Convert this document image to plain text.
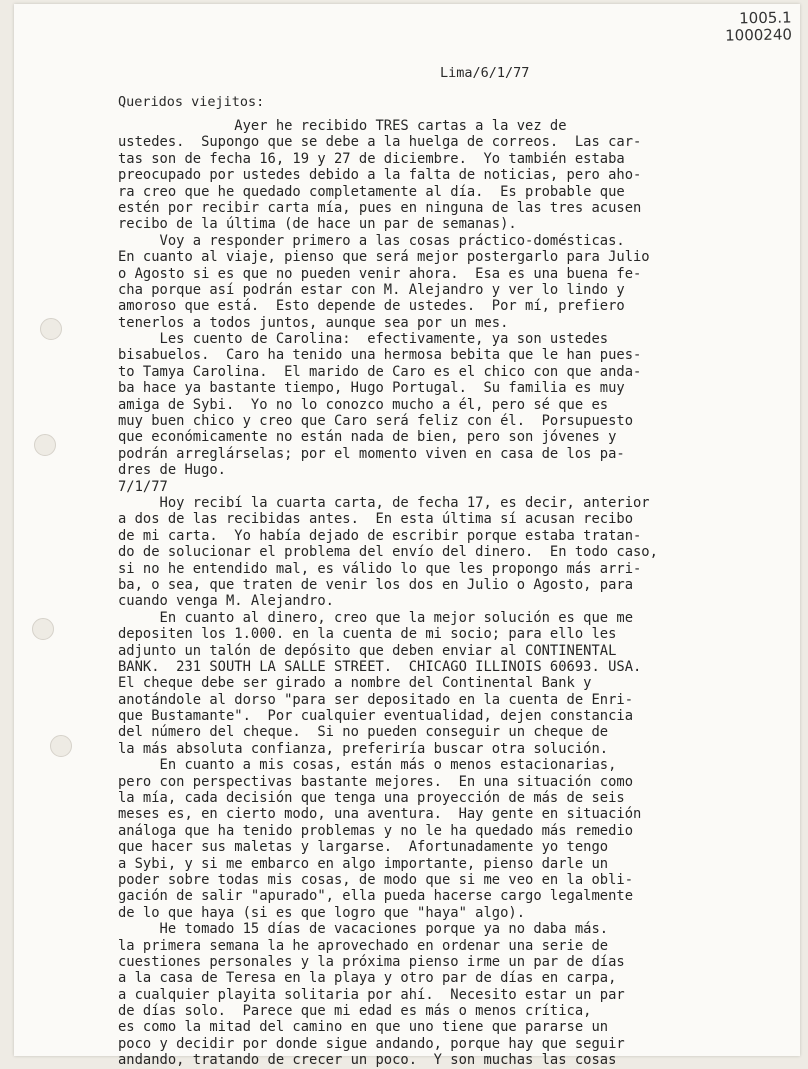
1005.1
1000240
Lima/6/1/77
Queridos viejitos:
Ayer he recibido TRES cartas a la vez de
ustedes.  Supongo que se debe a la huelga de correos.  Las car-
tas son de fecha 16, 19 y 27 de diciembre.  Yo también estaba
preocupado por ustedes debido a la falta de noticias, pero aho-
ra creo que he quedado completamente al día.  Es probable que
estén por recibir carta mía, pues en ninguna de las tres acusen
recibo de la última (de hace un par de semanas).
Voy a responder primero a las cosas práctico-domésticas.
En cuanto al viaje, pienso que será mejor postergarlo para Julio
o Agosto si es que no pueden venir ahora.  Esa es una buena fe-
cha porque así podrán estar con M. Alejandro y ver lo lindo y
amoroso que está.  Esto depende de ustedes.  Por mí, prefiero
tenerlos a todos juntos, aunque sea por un mes.
Les cuento de Carolina:  efectivamente, ya son ustedes
bisabuelos.  Caro ha tenido una hermosa bebita que le han pues-
to Tamya Carolina.  El marido de Caro es el chico con que anda-
ba hace ya bastante tiempo, Hugo Portugal.  Su familia es muy
amiga de Sybi.  Yo no lo conozco mucho a él, pero sé que es
muy buen chico y creo que Caro será feliz con él.  Porsupuesto
que económicamente no están nada de bien, pero son jóvenes y
podrán arreglárselas; por el momento viven en casa de los pa-
dres de Hugo.
7/1/77
Hoy recibí la cuarta carta, de fecha 17, es decir, anterior
a dos de las recibidas antes.  En esta última sí acusan recibo
de mi carta.  Yo había dejado de escribir porque estaba tratan-
do de solucionar el problema del envío del dinero.  En todo caso,
si no he entendido mal, es válido lo que les propongo más arri-
ba, o sea, que traten de venir los dos en Julio o Agosto, para
cuando venga M. Alejandro.
En cuanto al dinero, creo que la mejor solución es que me
depositen los 1.000. en la cuenta de mi socio; para ello les
adjunto un talón de depósito que deben enviar al CONTINENTAL
BANK.  231 SOUTH LA SALLE STREET.  CHICAGO ILLINOIS 60693. USA.
El cheque debe ser girado a nombre del Continental Bank y
anotándole al dorso "para ser depositado en la cuenta de Enri-
que Bustamante".  Por cualquier eventualidad, dejen constancia
del número del cheque.  Si no pueden conseguir un cheque de
la más absoluta confianza, preferiría buscar otra solución.
En cuanto a mis cosas, están más o menos estacionarias,
pero con perspectivas bastante mejores.  En una situación como
la mía, cada decisión que tenga una proyección de más de seis
meses es, en cierto modo, una aventura.  Hay gente en situación
análoga que ha tenido problemas y no le ha quedado más remedio
que hacer sus maletas y largarse.  Afortunadamente yo tengo
a Sybi, y si me embarco en algo importante, pienso darle un
poder sobre todas mis cosas, de modo que si me veo en la obli-
gación de salir "apurado", ella pueda hacerse cargo legalmente
de lo que haya (si es que logro que "haya" algo).
He tomado 15 días de vacaciones porque ya no daba más.
la primera semana la he aprovechado en ordenar una serie de
cuestiones personales y la próxima pienso irme un par de días
a la casa de Teresa en la playa y otro par de días en carpa,
a cualquier playita solitaria por ahí.  Necesito estar un par
de días solo.  Parece que mi edad es más o menos crítica,
es como la mitad del camino en que uno tiene que pararse un
poco y decidir por donde sigue andando, porque hay que seguir
andando, tratando de crecer un poco.  Y son muchas las cosas
